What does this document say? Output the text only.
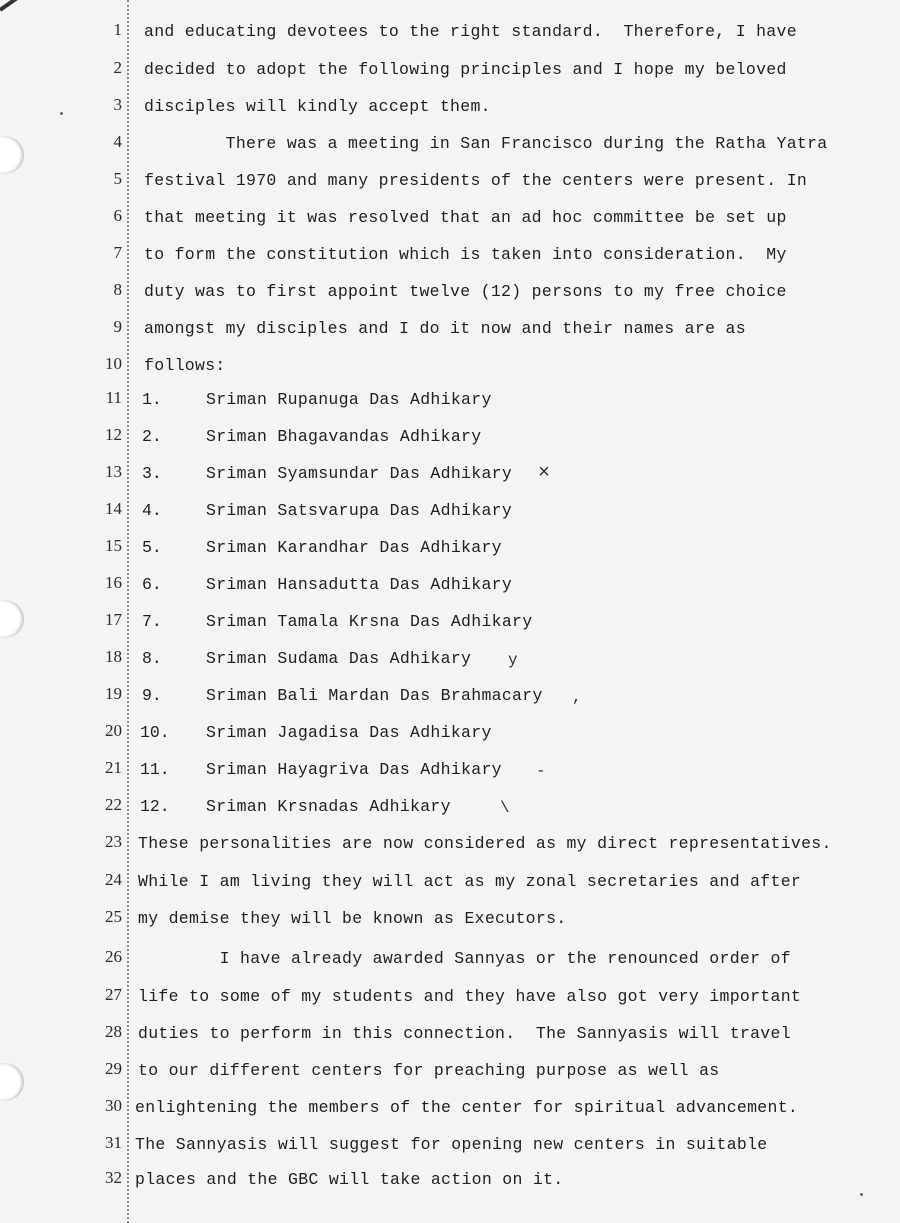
1 and educating devotees to the right standard.  Therefore, I have
2 decided to adopt the following principles and I hope my beloved
3 disciples will kindly accept them.
4 There was a meeting in San Francisco during the Ratha Yatra
5 festival 1970 and many presidents of the centers were present. In
6 that meeting it was resolved that an ad hoc committee be set up
7 to form the constitution which is taken into consideration.  My
8 duty was to first appoint twelve (12) persons to my free choice
9 amongst my disciples and I do it now and their names are as
10 follows:
11 1.	Sriman Rupanuga Das Adhikary
12 2.	Sriman Bhagavandas Adhikary
13 3.	Sriman Syamsundar Das Adhikary ×
14 4.	Sriman Satsvarupa Das Adhikary
15 5.	Sriman Karandhar Das Adhikary
16 6.	Sriman Hansadutta Das Adhikary
17 7.	Sriman Tamala Krsna Das Adhikary
18 8.	Sriman Sudama Das Adhikary y
19 9.	Sriman Bali Mardan Das Brahmacary ,
20 10. Sriman Jagadisa Das Adhikary
21 11. Sriman Hayagriva Das Adhikary -
22 12. Sriman Krsnadas Adhikary	\
23 These personalities are now considered as my direct representatives.
24 While I am living they will act as my zonal secretaries and after
25 my demise they will be known as Executors.
26 I have already awarded Sannyas or the renounced order of
27 life to some of my students and they have also got very important
28 duties to perform in this connection.  The Sannyasis will travel
29 to our different centers for preaching purpose as well as
30 enlightening the members of the center for spiritual advancement.
31 The Sannyasis will suggest for opening new centers in suitable
32 places and the GBC will take action on it.
